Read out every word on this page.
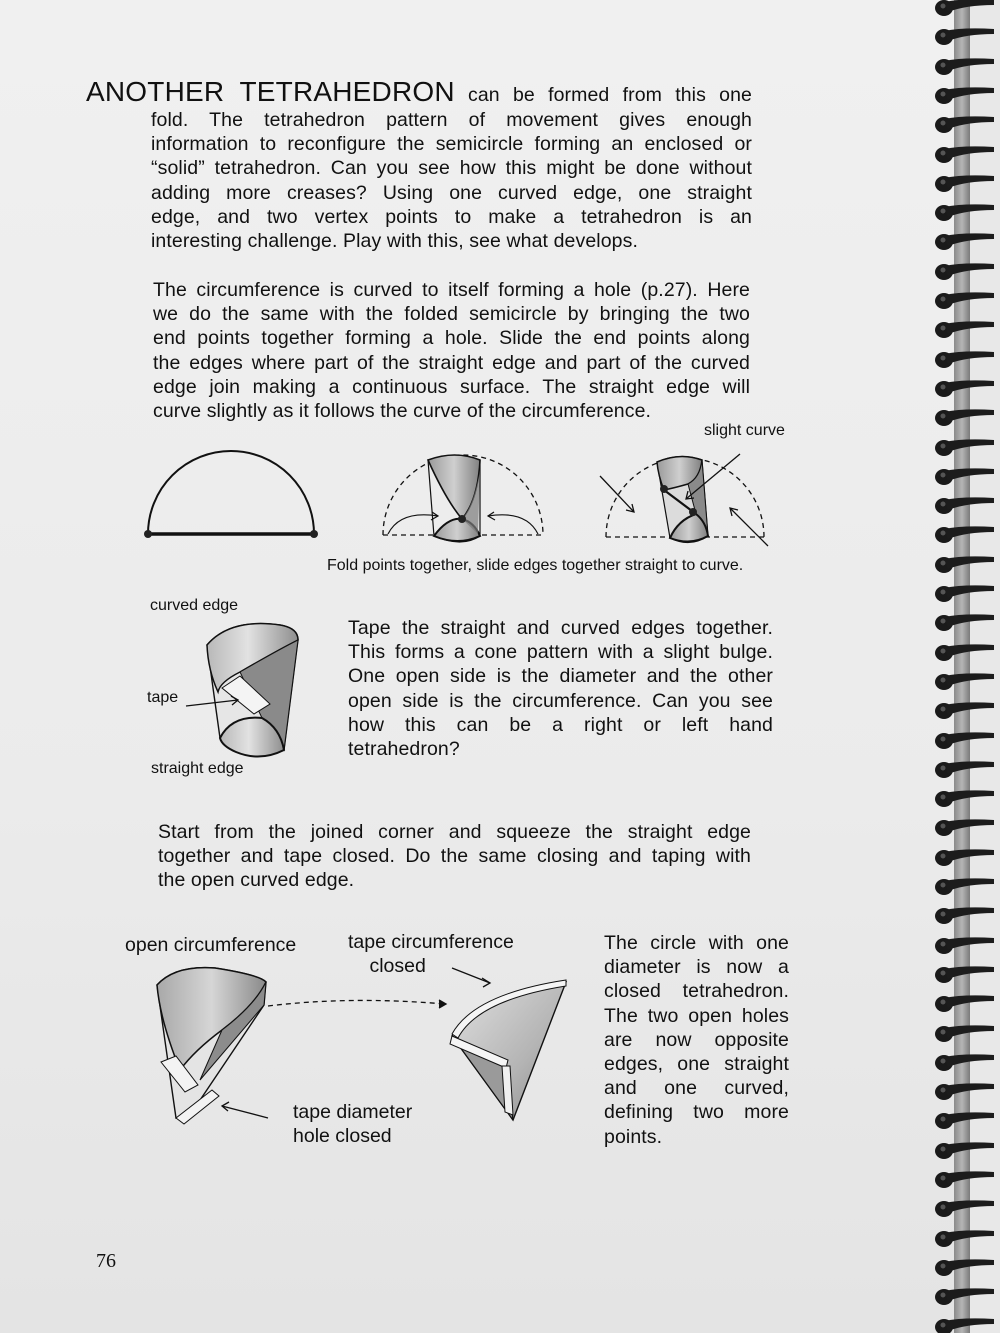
ANOTHER TETRAHEDRON can be formed from this one
fold. The tetrahedron pattern of movement gives enough
information to reconfigure the semicircle forming an enclosed or
“solid” tetrahedron. Can you see how this might be done without
adding more creases? Using one curved edge, one straight
edge, and two vertex points to make a tetrahedron is an
interesting challenge. Play with this, see what develops.
The circumference is curved to itself forming a hole (p.27). Here
we do the same with the folded semicircle by bringing the two
end points together forming a hole. Slide the end points along
the edges where part of the straight edge and part of the curved
edge join making a continuous surface. The straight edge will
curve slightly as it follows the curve of the circumference.
slight curve
Fold points together, slide edges together straight to curve.
curved edge
tape
straight edge
Tape the straight and curved edges together.
This forms a cone pattern with a slight bulge.
One open side is the diameter and the other
open side is the circumference. Can you see
how this can be a right or left hand
tetrahedron?
Start from the joined corner and squeeze the straight edge
together and tape closed. Do the same closing and taping with
the open curved edge.
open circumference	tape circumference
closed
tape diameter
hole closed
The circle with one
diameter is now a
closed tetrahedron.
The two open holes
are now opposite
edges, one straight
and one curved,
defining two more
points.
76
